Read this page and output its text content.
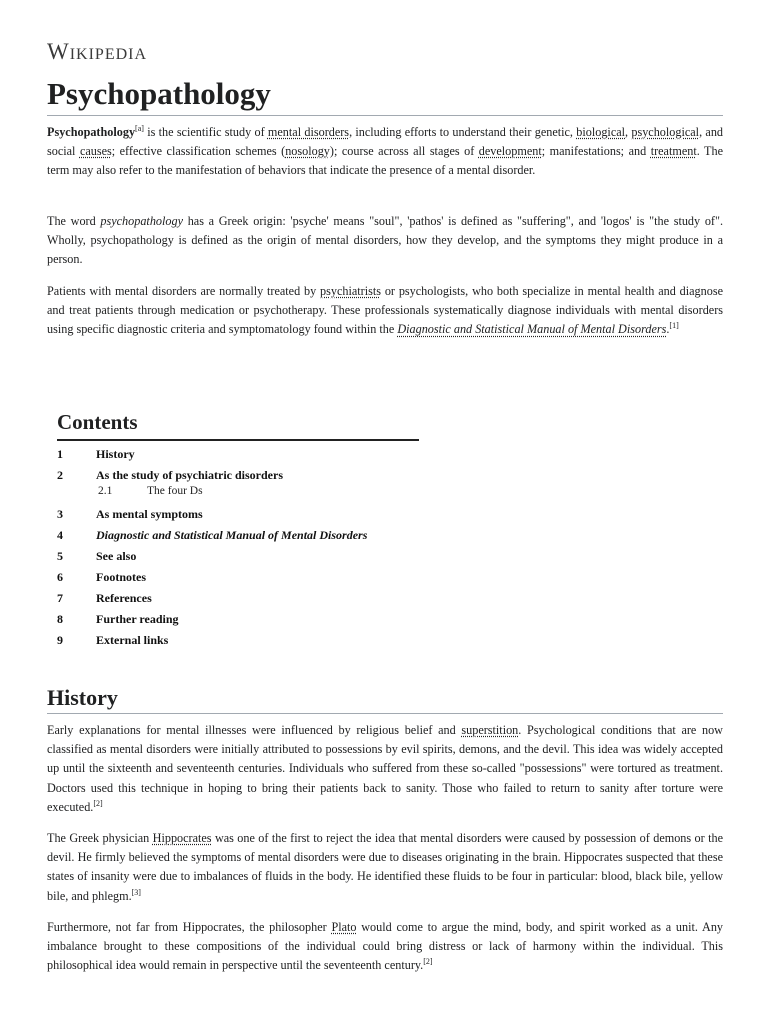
Wikipedia
Psychopathology

Psychopathology[a] is the scientific study of mental disorders, including efforts to understand their genetic, biological, psychological, and social causes; effective classification schemes (nosology); course across all stages of development; manifestations; and treatment. The term may also refer to the manifestation of behaviors that indicate the presence of a mental disorder.

The word psychopathology has a Greek origin: 'psyche' means "soul", 'pathos' is defined as "suffering", and 'logos' is "the study of". Wholly, psychopathology is defined as the origin of mental disorders, how they develop, and the symptoms they might produce in a person.

Patients with mental disorders are normally treated by psychiatrists or psychologists, who both specialize in mental health and diagnose and treat patients through medication or psychotherapy. These professionals systematically diagnose individuals with mental disorders using specific diagnostic criteria and symptomatology found within the Diagnostic and Statistical Manual of Mental Disorders.[1]

Contents
1	History
2	As the study of psychiatric disorders
2.1	The four Ds
3	As mental symptoms
4	Diagnostic and Statistical Manual of Mental Disorders
5	See also
6	Footnotes
7	References
8	Further reading
9	External links
History

Early explanations for mental illnesses were influenced by religious belief and superstition. Psychological conditions that are now classified as mental disorders were initially attributed to possessions by evil spirits, demons, and the devil. This idea was widely accepted up until the sixteenth and seventeenth centuries. Individuals who suffered from these so-called "possessions" were tortured as treatment. Doctors used this technique in hoping to bring their patients back to sanity. Those who failed to return to sanity after torture were executed.[2]

The Greek physician Hippocrates was one of the first to reject the idea that mental disorders were caused by possession of demons or the devil. He firmly believed the symptoms of mental disorders were due to diseases originating in the brain. Hippocrates suspected that these states of insanity were due to imbalances of fluids in the body. He identified these fluids to be four in particular: blood, black bile, yellow bile, and phlegm.[3]

Furthermore, not far from Hippocrates, the philosopher Plato would come to argue the mind, body, and spirit worked as a unit. Any imbalance brought to these compositions of the individual could bring distress or lack of harmony within the individual. This philosophical idea would remain in perspective until the seventeenth century.[2]
